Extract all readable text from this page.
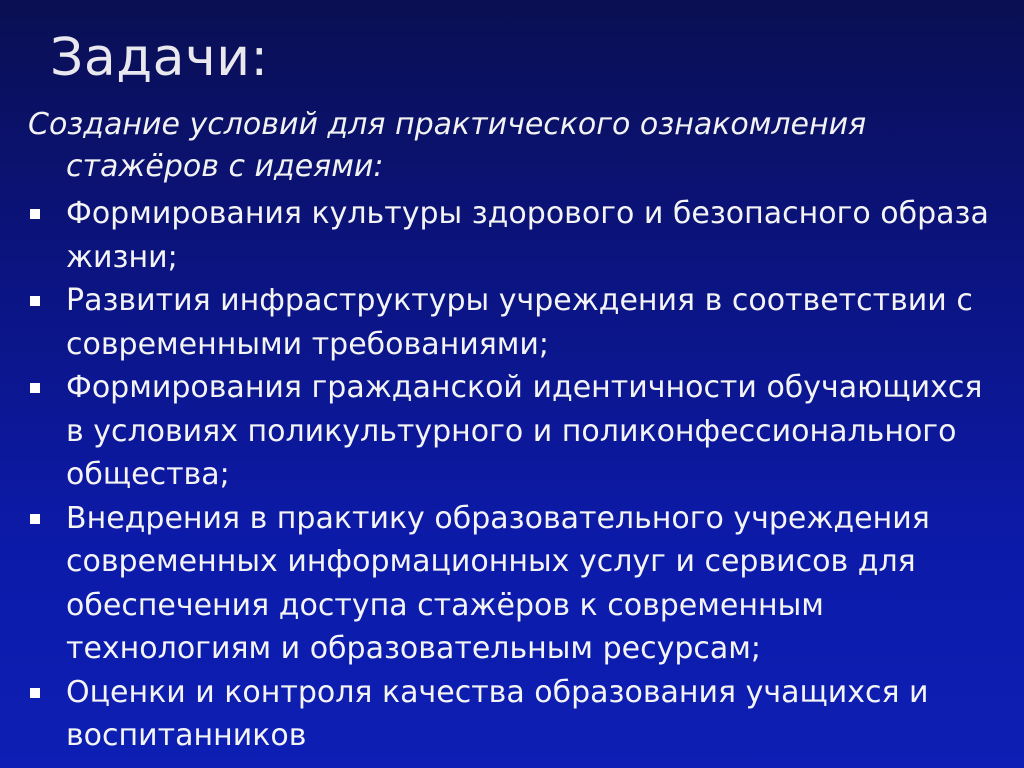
Задачи:
Создание условий для практического ознакомления
стажёров с идеями:
Формирования культуры здорового и безопасного образа жизни;
Развития инфраструктуры учреждения в соответствии с современными требованиями;
Формирования гражданской идентичности обучающихся в условиях поликультурного и поликонфессионального общества;
Внедрения в практику образовательного учреждения современных информационных услуг и сервисов для обеспечения доступа стажёров к современным технологиям и образовательным ресурсам;
Оценки и контроля качества образования учащихся и воспитанников
